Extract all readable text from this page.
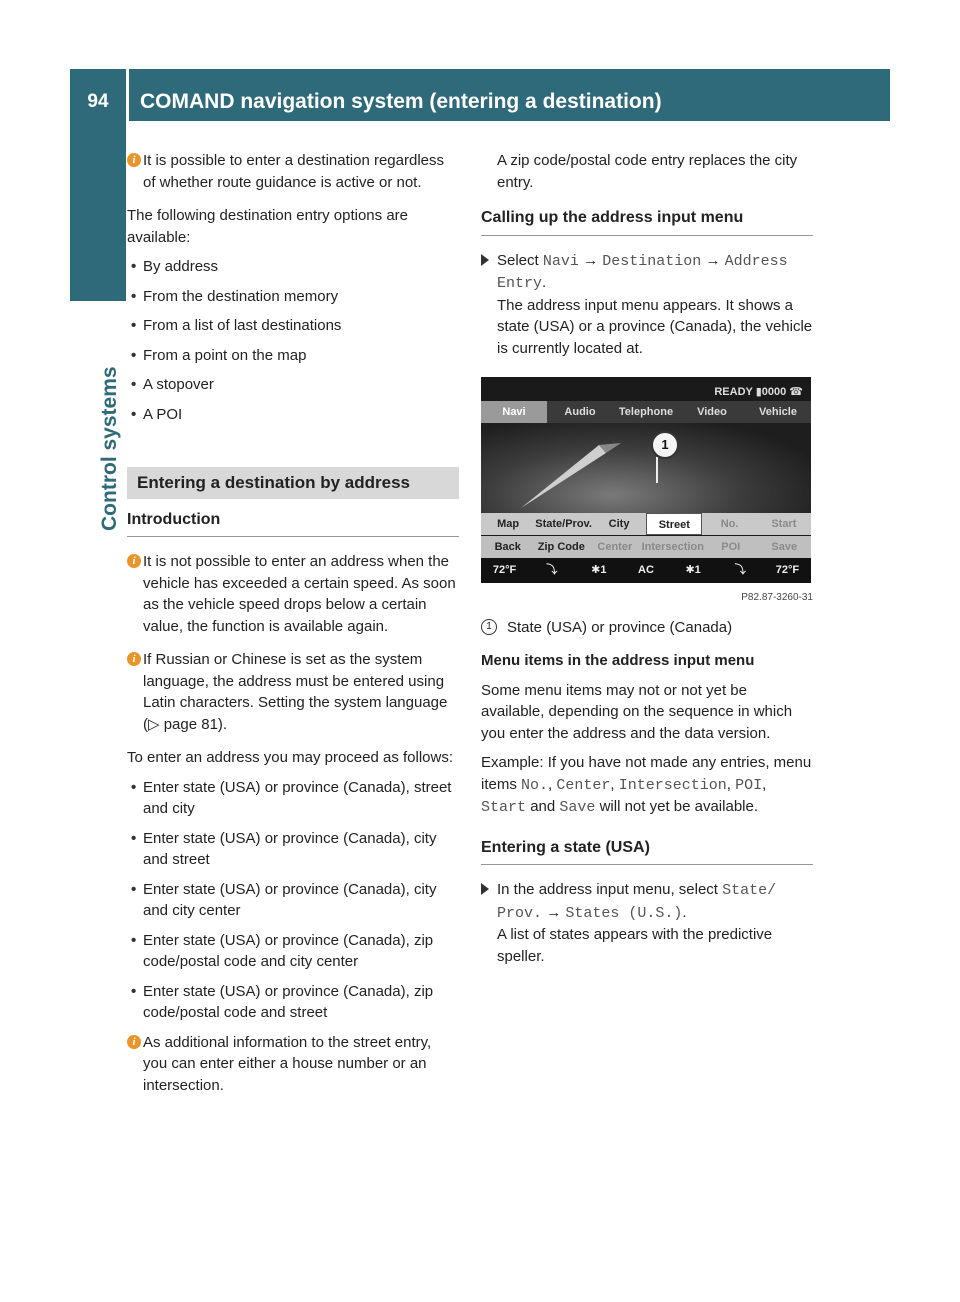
94	COMAND navigation system (entering a destination)
Control systems
i It is possible to enter a destination regardless of whether route guidance is active or not.

The following destination entry options are available:

• By address
• From the destination memory
• From a list of last destinations
• From a point on the map
• A stopover
• A POI
Entering a destination by address
Introduction
i It is not possible to enter an address when the vehicle has exceeded a certain speed. As soon as the vehicle speed drops below a certain value, the function is available again.
i If Russian or Chinese is set as the system language, the address must be entered using Latin characters. Setting the system language (▷ page 81).

To enter an address you may proceed as follows:

• Enter state (USA) or province (Canada), street and city
• Enter state (USA) or province (Canada), city and street
• Enter state (USA) or province (Canada), city and city center
• Enter state (USA) or province (Canada), zip code/postal code and city center
• Enter state (USA) or province (Canada), zip code/postal code and street
i As additional information to the street entry, you can enter either a house number or an intersection.

A zip code/postal code entry replaces the city entry.

Calling up the address input menu
Select Navi → Destination → Address Entry.
The address input menu appears. It shows a state (USA) or a province (Canada), the vehicle is currently located at.
READY ▮0000 ☎
Navi	Audio	Telephone	Video	Vehicle
1
Map	State/Prov.	City	Street	No.	Start
Back	Zip Code	Center Intersection	POI	Save
72°F	⤵	✱1	AC	✱1	⤵	72°F
P82.87-3260-31
1	State (USA) or province (Canada)

Menu items in the address input menu

Some menu items may not or not yet be available, depending on the sequence in which you enter the address and the data version.

Example: If you have not made any entries, menu items No., Center, Intersection, POI, Start and Save will not yet be available.

Entering a state (USA)
In the address input menu, select State/ Prov. → States (U.S.).
A list of states appears with the predictive speller.
